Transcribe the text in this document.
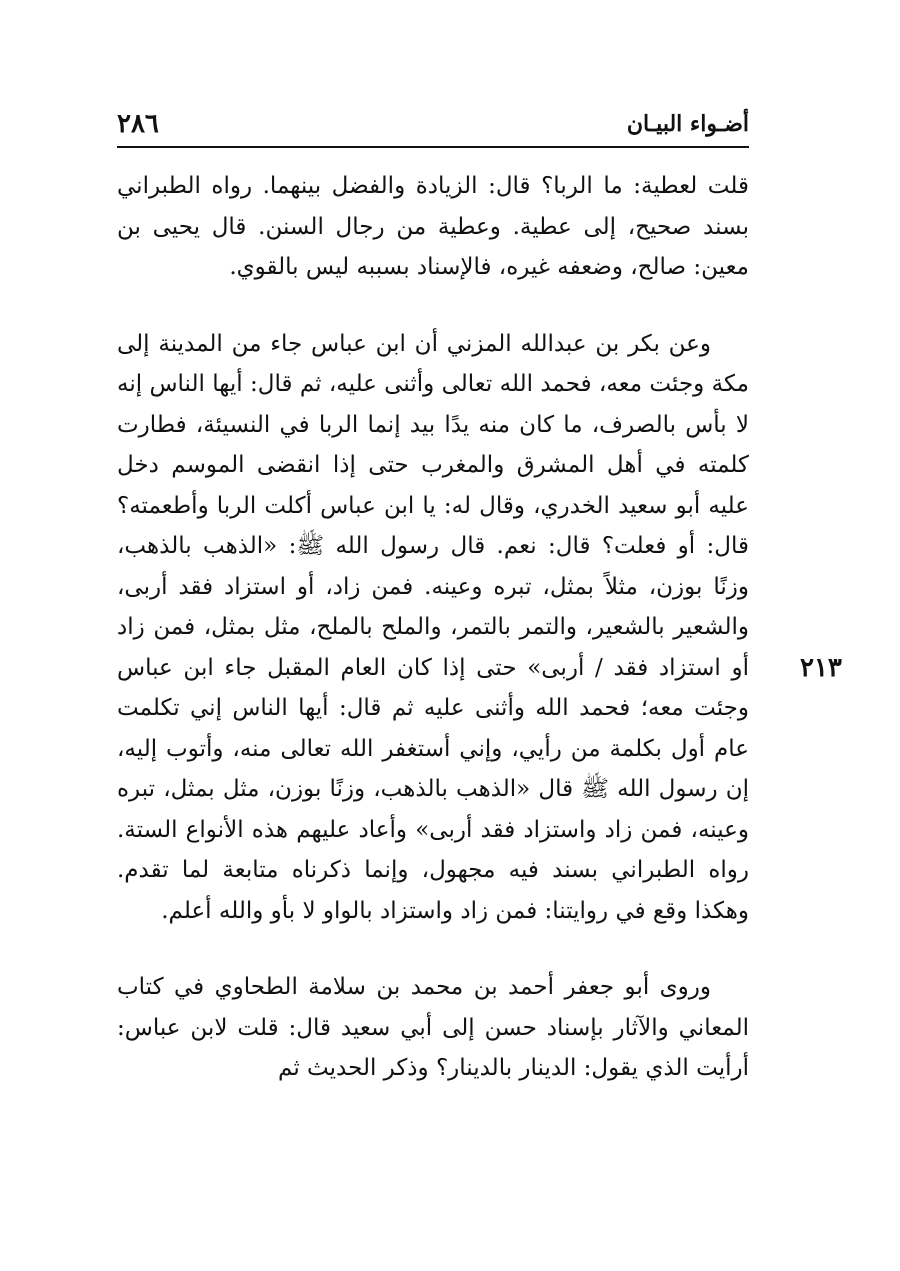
٢٨٦	أضـواء البيـان

قلت لعطية: ما الربا؟ قال: الزيادة والفضل بينهما. رواه الطبراني بسند صحيح، إلى عطية. وعطية من رجال السنن. قال يحيى بن معين: صالح، وضعفه غيره، فالإسناد بسببه ليس بالقوي.

وعن بكر بن عبدالله المزني أن ابن عباس جاء من المدينة إلى مكة وجئت معه، فحمد الله تعالى وأثنى عليه، ثم قال: أيها الناس إنه لا بأس بالصرف، ما كان منه يدًا بيد إنما الربا في النسيئة، فطارت كلمته في أهل المشرق والمغرب حتى إذا انقضى الموسم دخل عليه أبو سعيد الخدري، وقال له: يا ابن عباس أكلت الربا وأطعمته؟ قال: أو فعلت؟ قال: نعم. قال رسول الله ﷺ: «الذهب بالذهب، وزنًا بوزن، مثلاً بمثل، تبره وعينه. فمن زاد، أو استزاد فقد أربى، والشعير بالشعير، والتمر بالتمر، والملح بالملح، مثل بمثل، فمن زاد أو استزاد فقد / أربى» حتى إذا كان العام المقبل جاء ابن عباس وجئت معه؛ فحمد الله وأثنى عليه ثم قال: أيها الناس إني تكلمت عام أول بكلمة من رأيي، وإني أستغفر الله تعالى منه، وأتوب إليه، إن رسول الله ﷺ قال «الذهب بالذهب، وزنًا بوزن، مثل بمثل، تبره وعينه، فمن زاد واستزاد فقد أربى» وأعاد عليهم هذه الأنواع الستة. رواه الطبراني بسند فيه مجهول، وإنما ذكرناه متابعة لما تقدم. وهكذا وقع في روايتنا: فمن زاد واستزاد بالواو لا بأو والله أعلم.

وروى أبو جعفر أحمد بن محمد بن سلامة الطحاوي في كتاب المعاني والآثار بإسناد حسن إلى أبي سعيد قال: قلت لابن عباس: أرأيت الذي يقول: الدينار بالدينار؟ وذكر الحديث ثم

٢١٣
